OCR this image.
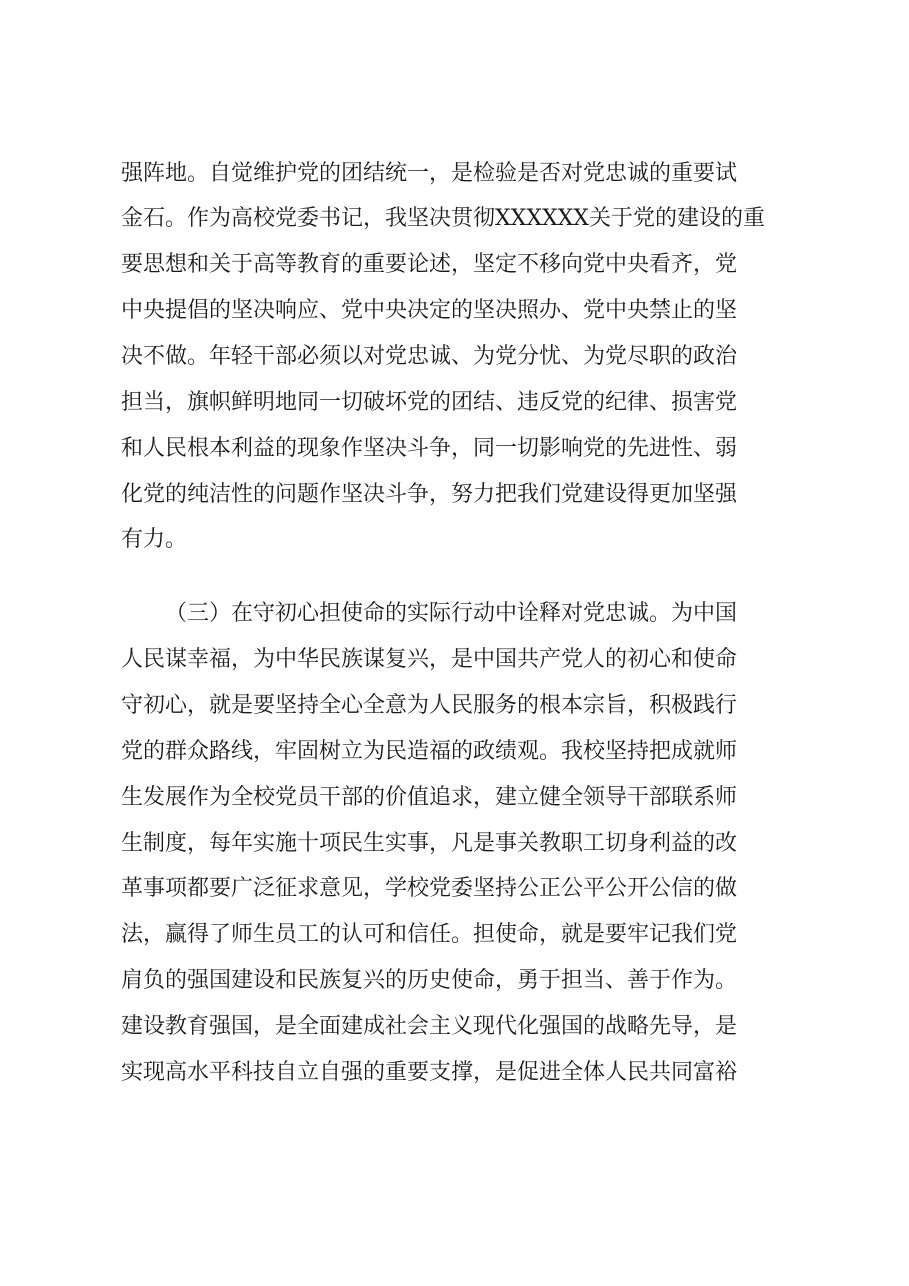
强阵地。自觉维护党的团结统一，是检验是否对党忠诚的重要试
金石。作为高校党委书记，我坚决贯彻XXXXXX关于党的建设的重
要思想和关于高等教育的重要论述，坚定不移向党中央看齐，党
中央提倡的坚决响应、党中央决定的坚决照办、党中央禁止的坚
决不做。年轻干部必须以对党忠诚、为党分忧、为党尽职的政治
担当，旗帜鲜明地同一切破坏党的团结、违反党的纪律、损害党
和人民根本利益的现象作坚决斗争，同一切影响党的先进性、弱
化党的纯洁性的问题作坚决斗争，努力把我们党建设得更加坚强
有力。
（三）在守初心担使命的实际行动中诠释对党忠诚。为中国
人民谋幸福，为中华民族谋复兴，是中国共产党人的初心和使命
守初心，就是要坚持全心全意为人民服务的根本宗旨，积极践行
党的群众路线，牢固树立为民造福的政绩观。我校坚持把成就师
生发展作为全校党员干部的价值追求，建立健全领导干部联系师
生制度，每年实施十项民生实事，凡是事关教职工切身利益的改
革事项都要广泛征求意见，学校党委坚持公正公平公开公信的做
法，赢得了师生员工的认可和信任。担使命，就是要牢记我们党
肩负的强国建设和民族复兴的历史使命，勇于担当、善于作为。
建设教育强国，是全面建成社会主义现代化强国的战略先导，是
实现高水平科技自立自强的重要支撑，是促进全体人民共同富裕
